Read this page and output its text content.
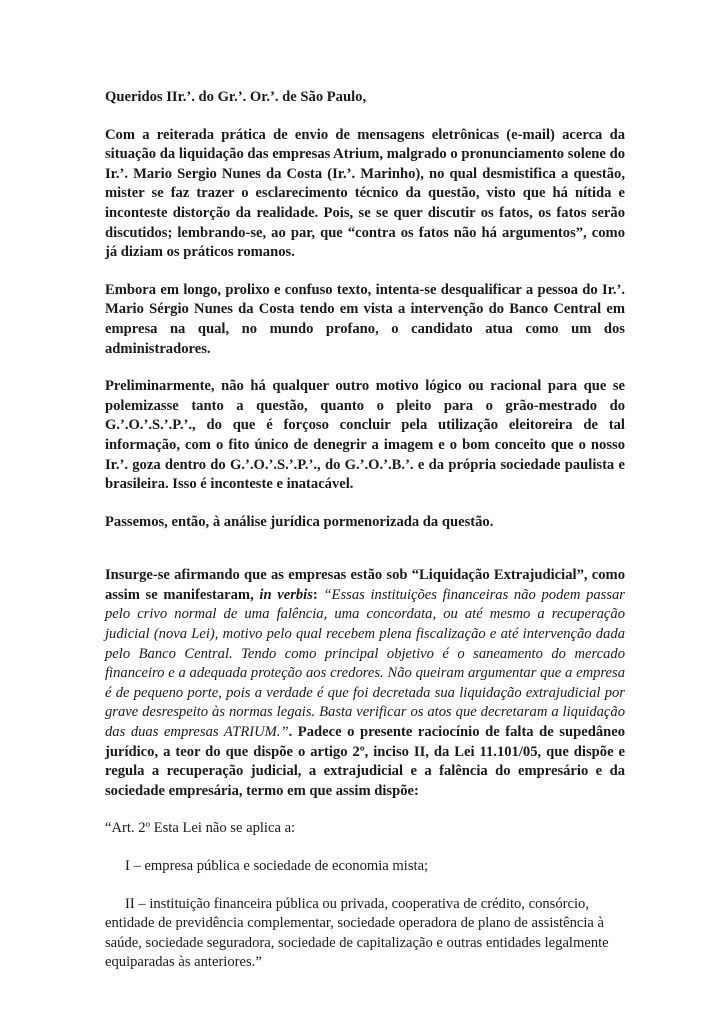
Queridos IIr.’. do Gr.’. Or.’. de São Paulo,

Com a reiterada prática de envio de mensagens eletrônicas (e-mail) acerca da situação da liquidação das empresas Atrium, malgrado o pronunciamento solene do Ir.’. Mario Sergio Nunes da Costa (Ir.’. Marinho), no qual desmistifica a questão, mister se faz trazer o esclarecimento técnico da questão, visto que há nítida e inconteste distorção da realidade. Pois, se se quer discutir os fatos, os fatos serão discutidos; lembrando-se, ao par, que “contra os fatos não há argumentos”, como já diziam os práticos romanos.

Embora em longo, prolixo e confuso texto, intenta-se desqualificar a pessoa do Ir.’. Mario Sérgio Nunes da Costa tendo em vista a intervenção do Banco Central em empresa na qual, no mundo profano, o candidato atua como um dos administradores.

Preliminarmente, não há qualquer outro motivo lógico ou racional para que se polemizasse tanto a questão, quanto o pleito para o grão-mestrado do G.’.O.’.S.’.P.’., do que é forçoso concluir pela utilização eleitoreira de tal informação, com o fito único de denegrir a imagem e o bom conceito que o nosso Ir.’. goza dentro do G.’.O.’.S.’.P.’., do G.’.O.’.B.’. e da própria sociedade paulista e brasileira. Isso é inconteste e inatacável.

Passemos, então, à análise jurídica pormenorizada da questão.

Insurge-se afirmando que as empresas estão sob “Liquidação Extrajudicial”, como assim se manifestaram, in verbis: “Essas instituições financeiras não podem passar pelo crivo normal de uma falência, uma concordata, ou até mesmo a recuperação judicial (nova Lei), motivo pelo qual recebem plena fiscalização e até intervenção dada pelo Banco Central. Tendo como principal objetivo é o saneamento do mercado financeiro e a adequada proteção aos credores. Não queiram argumentar que a empresa é de pequeno porte, pois a verdade é que foi decretada sua liquidação extrajudicial por grave desrespeito às normas legais. Basta verificar os atos que decretaram a liquidação das duas empresas ATRIUM.”. Padece o presente raciocínio de falta de supedâneo jurídico, a teor do que dispõe o artigo 2º, inciso II, da Lei 11.101/05, que dispõe e regula a recuperação judicial, a extrajudicial e a falência do empresário e da sociedade empresária, termo em que assim dispõe:

“Art. 2º Esta Lei não se aplica a:

I – empresa pública e sociedade de economia mista;

II – instituição financeira pública ou privada, cooperativa de crédito, consórcio, entidade de previdência complementar, sociedade operadora de plano de assistência à saúde, sociedade seguradora, sociedade de capitalização e outras entidades legalmente equiparadas às anteriores.”
